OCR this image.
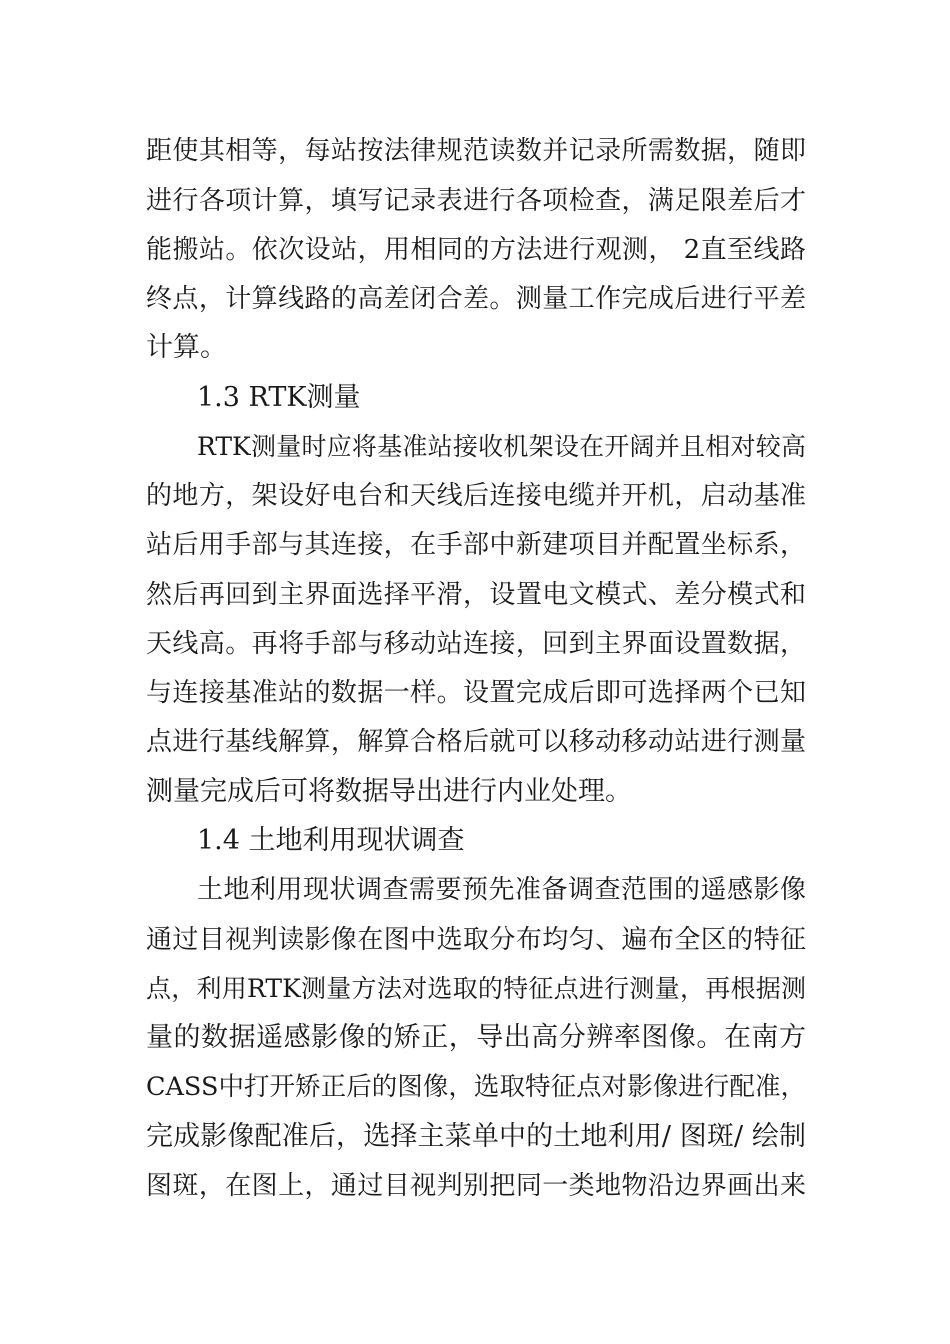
距使其相等，每站按法律规范读数并记录所需数据，随即
进行各项计算，填写记录表进行各项检查，满足限差后才
能搬站。依次设站，用相同的方法进行观测， 2直至线路
终点，计算线路的高差闭合差。测量工作完成后进行平差
计算。
1.3 RTK测量
RTK测量时应将基准站接收机架设在开阔并且相对较高
的地方，架设好电台和天线后连接电缆并开机，启动基准
站后用手部与其连接，在手部中新建项目并配置坐标系，
然后再回到主界面选择平滑，设置电文模式、差分模式和
天线高。再将手部与移动站连接，回到主界面设置数据，
与连接基准站的数据一样。设置完成后即可选择两个已知
点进行基线解算，解算合格后就可以移动移动站进行测量
测量完成后可将数据导出进行内业处理。
1.4 土地利用现状调查
土地利用现状调查需要预先准备调查范围的遥感影像
通过目视判读影像在图中选取分布均匀、遍布全区的特征
点，利用RTK测量方法对选取的特征点进行测量，再根据测
量的数据遥感影像的矫正，导出高分辨率图像。在南方
CASS中打开矫正后的图像，选取特征点对影像进行配准，
完成影像配准后，选择主菜单中的土地利用/ 图斑/ 绘制
图斑，在图上，通过目视判别把同一类地物沿边界画出来
